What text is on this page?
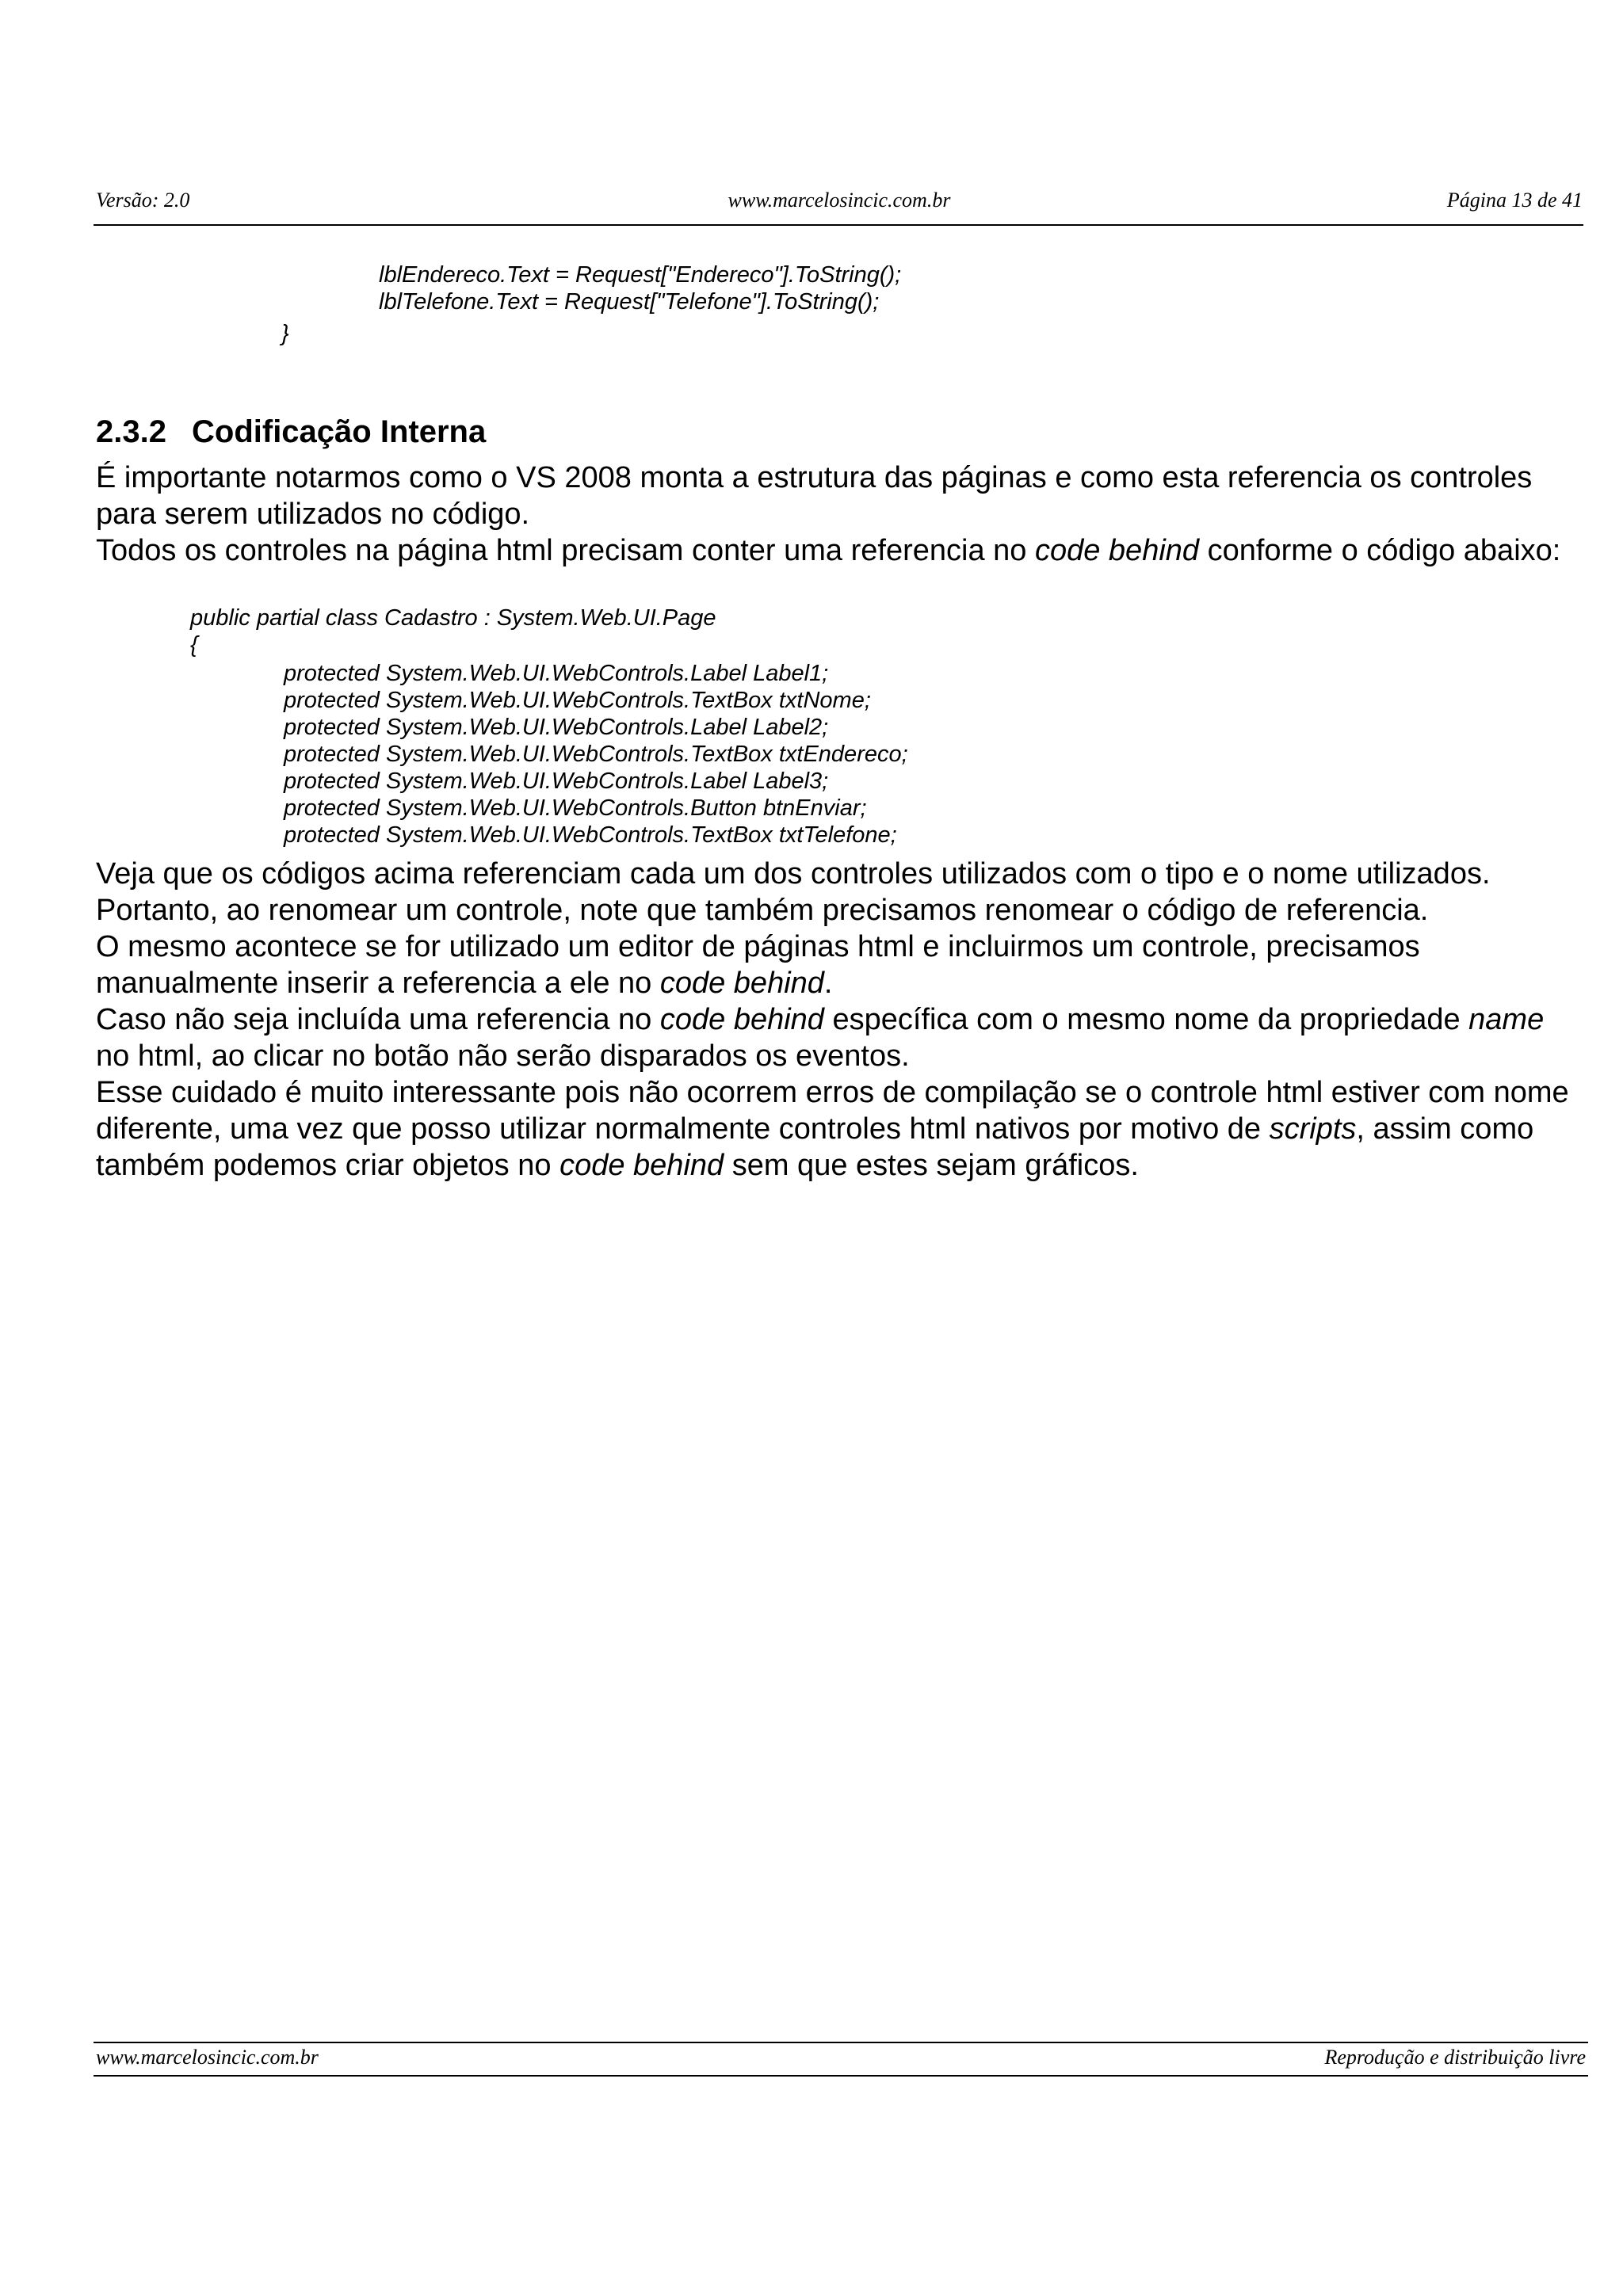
Versão: 2.0	www.marcelosincic.com.br	Página 13 de 41

lblEndereco.Text = Request["Endereco"].ToString();

lblTelefone.Text = Request["Telefone"].ToString();

}

2.3.2 Codificação Interna
É importante notarmos como o VS 2008 monta a estrutura das páginas e como esta referencia os controles para serem utilizados no código.
Todos os controles na página html precisam conter uma referencia no code behind conforme o código abaixo:

public partial class Cadastro : System.Web.UI.Page

{

protected System.Web.UI.WebControls.Label Label1;

protected System.Web.UI.WebControls.TextBox txtNome;

protected System.Web.UI.WebControls.Label Label2;

protected System.Web.UI.WebControls.TextBox txtEndereco;

protected System.Web.UI.WebControls.Label Label3;

protected System.Web.UI.WebControls.Button btnEnviar;

protected System.Web.UI.WebControls.TextBox txtTelefone;

Veja que os códigos acima referenciam cada um dos controles utilizados com o tipo e o nome utilizados.
Portanto, ao renomear um controle, note que também precisamos renomear o código de referencia.
O mesmo acontece se for utilizado um editor de páginas html e incluirmos um controle, precisamos manualmente inserir a referencia a ele no code behind.
Caso não seja incluída uma referencia no code behind específica com o mesmo nome da propriedade name no html, ao clicar no botão não serão disparados os eventos.
Esse cuidado é muito interessante pois não ocorrem erros de compilação se o controle html estiver com nome diferente, uma vez que posso utilizar normalmente controles html nativos por motivo de scripts, assim como também podemos criar objetos no code behind sem que estes sejam gráficos.
www.marcelosincic.com.br	Reprodução e distribuição livre
